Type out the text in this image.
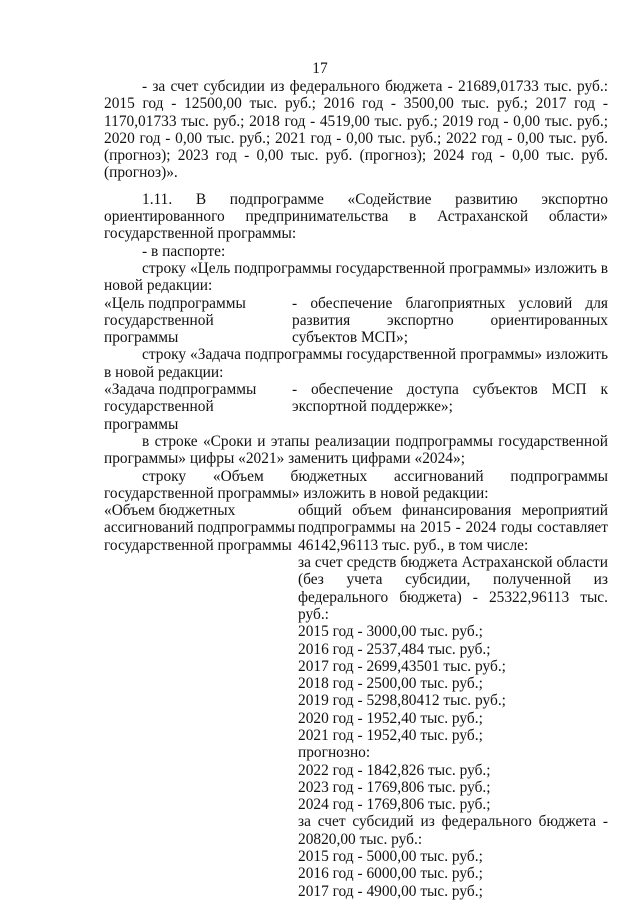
17

- за счет субсидии из федерального бюджета - 21689,01733 тыс. руб.: 2015 год - 12500,00 тыс. руб.; 2016 год - 3500,00 тыс. руб.; 2017 год - 1170,01733 тыс. руб.; 2018 год - 4519,00 тыс. руб.; 2019 год - 0,00 тыс. руб.; 2020 год - 0,00 тыс. руб.; 2021 год - 0,00 тыс. руб.; 2022 год - 0,00 тыс. руб. (прогноз); 2023 год - 0,00 тыс. руб. (прогноз); 2024 год - 0,00 тыс. руб. (прогноз)».

1.11. В подпрограмме «Содействие развитию экспортно ориентированного предпринимательства в Астраханской области» государственной программы:

- в паспорте:

строку «Цель подпрограммы государственной программы» изложить в новой редакции:

«Цель подпрограммы государственной программы
- обеспечение благоприятных условий для развития экспортно ориентированных субъектов МСП»;

строку «Задача подпрограммы государственной программы» изложить в новой редакции:

«Задача подпрограммы государственной программы
- обеспечение доступа субъектов МСП к экспортной поддержке»;

в строке «Сроки и этапы реализации подпрограммы государственной программы» цифры «2021» заменить цифрами «2024»;

строку «Объем бюджетных ассигнований подпрограммы государственной программы» изложить в новой редакции:

«Объем бюджетных ассигнований подпрограммы государственной программы

общий объем финансирования мероприятий подпрограммы на 2015 - 2024 годы составляет 46142,96113 тыс. руб., в том числе:

за счет средств бюджета Астраханской области (без учета субсидии, полученной из федерального бюджета) - 25322,96113 тыс. руб.:

2015 год - 3000,00 тыс. руб.;

2016 год - 2537,484 тыс. руб.;

2017 год - 2699,43501 тыс. руб.;

2018 год - 2500,00 тыс. руб.;

2019 год - 5298,80412 тыс. руб.;

2020 год - 1952,40 тыс. руб.;

2021 год - 1952,40 тыс. руб.;

прогнозно:

2022 год - 1842,826 тыс. руб.;

2023 год - 1769,806 тыс. руб.;

2024 год - 1769,806 тыс. руб.;

за счет субсидий из федерального бюджета - 20820,00 тыс. руб.:

2015 год - 5000,00 тыс. руб.;

2016 год - 6000,00 тыс. руб.;

2017 год - 4900,00 тыс. руб.;
